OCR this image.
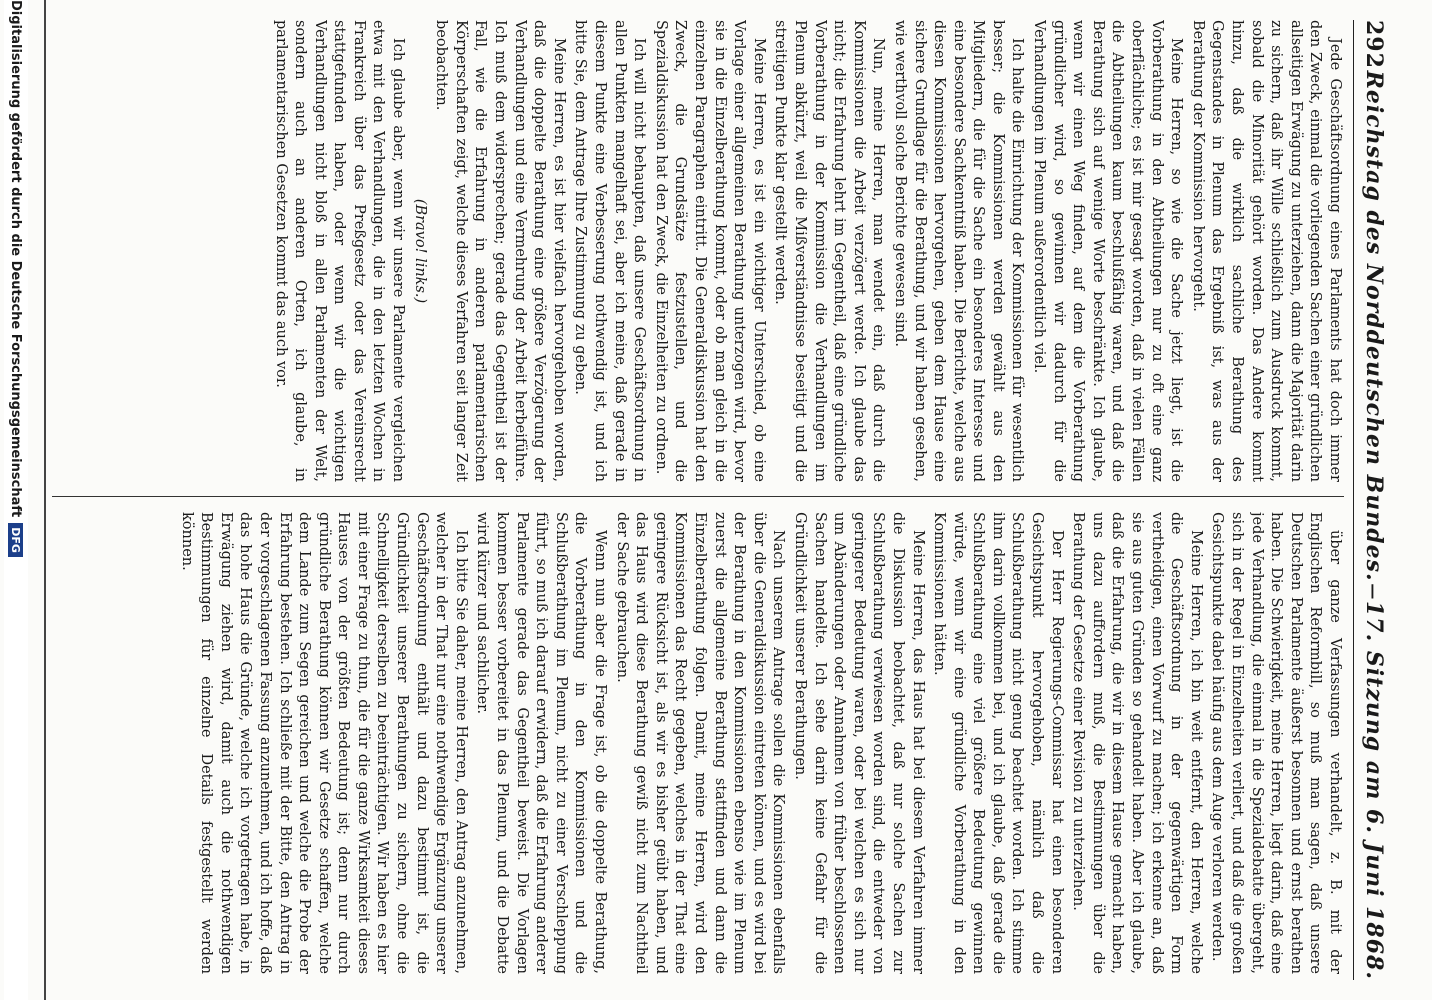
292
Reichstag des Norddeutschen Bundes.
—
17. Sitzung am 6. Juni 1868.

Jede Geschäftsordnung eines Parlaments hat doch immer den Zweck, einmal die vorliegenden Sachen einer gründlichen allseitigen Erwägung zu unterziehen, dann die Majorität darin zu sichern, daß ihr Wille schließlich zum Ausdruck kommt, sobald die Minorität gehört worden. Das Andere kommt hinzu, daß die wirklich sachliche Berathung des Gegenstandes in Plenum das Ergebniß ist, was aus der Berathung der Kommission hervorgeht.

Meine Herren, so wie die Sache jetzt liegt, ist die Vorberathung in den Abtheilungen nur zu oft eine ganz oberflächliche; es ist mir gesagt worden, daß in vielen Fällen die Abtheilungen kaum beschlußfähig waren, und daß die Berathung sich auf wenige Worte beschränkte. Ich glaube, wenn wir einen Weg finden, auf dem die Vorberathung gründlicher wird, so gewinnen wir dadurch für die Verhandlungen im Plenum außerordentlich viel.

Ich halte die Einrichtung der Kommissionen für wesentlich besser; die Kommissionen werden gewählt aus den Mitgliedern, die für die Sache ein besonderes Interesse und eine besondere Sachkenntniß haben. Die Berichte, welche aus diesen Kommissionen hervorgehen, geben dem Hause eine sichere Grundlage für die Berathung, und wir haben gesehen, wie werthvoll solche Berichte gewesen sind.

Nun, meine Herren, man wendet ein, daß durch die Kommissionen die Arbeit verzögert werde. Ich glaube das nicht; die Erfahrung lehrt im Gegentheil, daß eine gründliche Vorberathung in der Kommission die Verhandlungen im Plenum abkürzt, weil die Mißverständnisse beseitigt und die streitigen Punkte klar gestellt werden.

Meine Herren, es ist ein wichtiger Unterschied, ob eine Vorlage einer allgemeinen Berathung unterzogen wird, bevor sie in die Einzelberathung kommt, oder ob man gleich in die einzelnen Paragraphen eintritt. Die Generaldiskussion hat den Zweck, die Grundsätze festzustellen, und die Spezialdiskussion hat den Zweck, die Einzelheiten zu ordnen.

Ich will nicht behaupten, daß unsere Geschäftsordnung in allen Punkten mangelhaft sei, aber ich meine, daß gerade in diesem Punkte eine Verbesserung nothwendig ist, und ich bitte Sie, dem Antrage Ihre Zustimmung zu geben.

Meine Herren, es ist hier vielfach hervorgehoben worden, daß die doppelte Berathung eine größere Verzögerung der Verhandlungen und eine Vermehrung der Arbeit herbeiführe. Ich muß dem widersprechen; gerade das Gegentheil ist der Fall, wie die Erfahrung in anderen parlamentarischen Körperschaften zeigt, welche dieses Verfahren seit langer Zeit beobachten.

(Bravo! links.)

Ich glaube aber, wenn wir unsere Parlamente vergleichen etwa mit den Verhandlungen, die in den letzten Wochen in Frankreich über das Preßgesetz oder das Vereinsrecht stattgefunden haben, oder wenn wir die wichtigen Verhandlungen nicht bloß in allen Parlamenten der Welt, sondern auch an anderen Orten, ich glaube, in parlamentarischen Gesetzen kommt das auch vor.

über ganze Verfassungen verhandelt, z. B. mit der Englischen Reformbill, so muß man sagen, daß unsere Deutschen Parlamente äußerst besonnen und ernst berathen haben. Die Schwierigkeit, meine Herren, liegt darin, daß eine jede Verhandlung, die einmal in die Spezialdebatte übergeht, sich in der Regel in Einzelheiten verliert, und daß die großen Gesichtspunkte dabei häufig aus dem Auge verloren werden.

Meine Herren, ich bin weit entfernt, den Herren, welche die Geschäftsordnung in der gegenwärtigen Form vertheidigen, einen Vorwurf zu machen; ich erkenne an, daß sie aus guten Gründen so gehandelt haben. Aber ich glaube, daß die Erfahrung, die wir in diesem Hause gemacht haben, uns dazu auffordern muß, die Bestimmungen über die Berathung der Gesetze einer Revision zu unterziehen.

Der Herr Regierungs-Commissar hat einen besonderen Gesichtspunkt hervorgehoben, nämlich daß die Schlußberathung nicht genug beachtet worden. Ich stimme ihm darin vollkommen bei, und ich glaube, daß gerade die Schlußberathung eine viel größere Bedeutung gewinnen würde, wenn wir eine gründliche Vorberathung in den Kommissionen hätten.

Meine Herren, das Haus hat bei diesem Verfahren immer die Diskussion beobachtet, daß nur solche Sachen zur Schlußberathung verwiesen worden sind, die entweder von geringerer Bedeutung waren, oder bei welchen es sich nur um Abänderungen oder Annahmen von früher beschlossenen Sachen handelte. Ich sehe darin keine Gefahr für die Gründlichkeit unserer Berathungen.

Nach unserem Antrage sollen die Kommissionen ebenfalls über die Generaldiskussion eintreten können, und es wird bei der Berathung in den Kommissionen ebenso wie im Plenum zuerst die allgemeine Berathung stattfinden und dann die Einzelberathung folgen. Damit, meine Herren, wird den Kommissionen das Recht gegeben, welches in der That eine geringere Rücksicht ist, als wir es bisher geübt haben, und das Haus wird diese Berathung gewiß nicht zum Nachtheil der Sache gebrauchen.

Wenn nun aber die Frage ist, ob die doppelte Berathung, die Vorberathung in den Kommissionen und die Schlußberathung im Plenum, nicht zu einer Verschleppung führt, so muß ich darauf erwidern, daß die Erfahrung anderer Parlamente gerade das Gegentheil beweist. Die Vorlagen kommen besser vorbereitet in das Plenum, und die Debatte wird kürzer und sachlicher.

Ich bitte Sie daher, meine Herren, den Antrag anzunehmen, welcher in der That nur eine nothwendige Ergänzung unserer Geschäftsordnung enthält und dazu bestimmt ist, die Gründlichkeit unserer Berathungen zu sichern, ohne die Schnelligkeit derselben zu beeinträchtigen. Wir haben es hier mit einer Frage zu thun, die für die ganze Wirksamkeit dieses Hauses von der größten Bedeutung ist; denn nur durch gründliche Berathung können wir Gesetze schaffen, welche dem Lande zum Segen gereichen und welche die Probe der Erfahrung bestehen. Ich schließe mit der Bitte, den Antrag in der vorgeschlagenen Fassung anzunehmen, und ich hoffe, daß das hohe Haus die Gründe, welche ich vorgetragen habe, in Erwägung ziehen wird, damit auch die nothwendigen Bestimmungen für einzelne Details festgestellt werden können.

Digitalisierung gefördert durch die Deutsche Forschungsgemeinschaft
DFG
